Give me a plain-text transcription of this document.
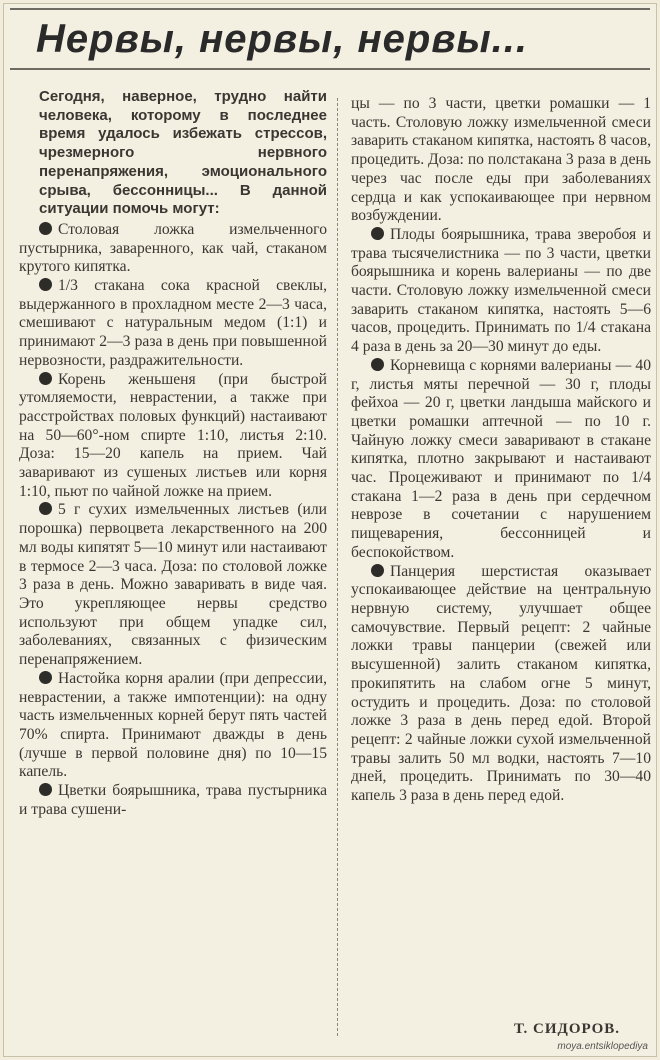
Нервы, нервы, нервы...

Сегодня, наверное, трудно найти человека, которому в последнее время удалось избежать стрессов, чрезмерного нервного перенапряжения, эмоционального срыва, бессонницы... В данной ситуации помочь могут:

Столовая ложка измельченного пустырника, заваренного, как чай, стаканом крутого кипятка.

1/3 стакана сока красной свеклы, выдержанного в прохладном месте 2—3 часа, смешивают с натуральным медом (1:1) и принимают 2—3 раза в день при повышенной нервозности, раздражительности.

Корень женьшеня (при быстрой утомляемости, неврастении, а также при расстройствах половых функций) настаивают на 50—60°-ном спирте 1:10, листья 2:10. Доза: 15—20 капель на прием. Чай заваривают из сушеных листьев или корня 1:10, пьют по чайной ложке на прием.

5 г сухих измельченных листьев (или порошка) первоцвета лекарственного на 200 мл воды кипятят 5—10 минут или настаивают в термосе 2—3 часа. Доза: по столовой ложке 3 раза в день. Можно заваривать в виде чая. Это укрепляющее нервы средство используют при общем упадке сил, заболеваниях, связанных с физическим перенапряжением.

Настойка корня аралии (при депрессии, неврастении, а также импотенции): на одну часть измельченных корней берут пять частей 70% спирта. Принимают дважды в день (лучше в первой половине дня) по 10—15 капель.

Цветки боярышника, трава пустырника и трава сушени-

цы — по 3 части, цветки ромашки — 1 часть. Столовую ложку измельченной смеси заварить стаканом кипятка, настоять 8 часов, процедить. Доза: по полстакана 3 раза в день через час после еды при заболеваниях сердца и как успокаивающее при нервном возбуждении.

Плоды боярышника, трава зверобоя и трава тысячелистника — по 3 части, цветки боярышника и корень валерианы — по две части. Столовую ложку измельченной смеси заварить стаканом кипятка, настоять 5—6 часов, процедить. Принимать по 1/4 стакана 4 раза в день за 20—30 минут до еды.

Корневища с корнями валерианы — 40 г, листья мяты перечной — 30 г, плоды фейхоа — 20 г, цветки ландыша майского и цветки ромашки аптечной — по 10 г. Чайную ложку смеси заваривают в стакане кипятка, плотно закрывают и настаивают час. Процеживают и принимают по 1/4 стакана 1—2 раза в день при сердечном неврозе в сочетании с нарушением пищеварения, бессонницей и беспокойством.

Панцерия шерстистая оказывает успокаивающее действие на центральную нервную систему, улучшает общее самочувствие. Первый рецепт: 2 чайные ложки травы панцерии (свежей или высушенной) залить стаканом кипятка, прокипятить на слабом огне 5 минут, остудить и процедить. Доза: по столовой ложке 3 раза в день перед едой. Второй рецепт: 2 чайные ложки сухой измельченной травы залить 50 мл водки, настоять 7—10 дней, процедить. Принимать по 30—40 капель 3 раза в день перед едой.

Т. СИДОРОВ.
moya.entsiklopediya
